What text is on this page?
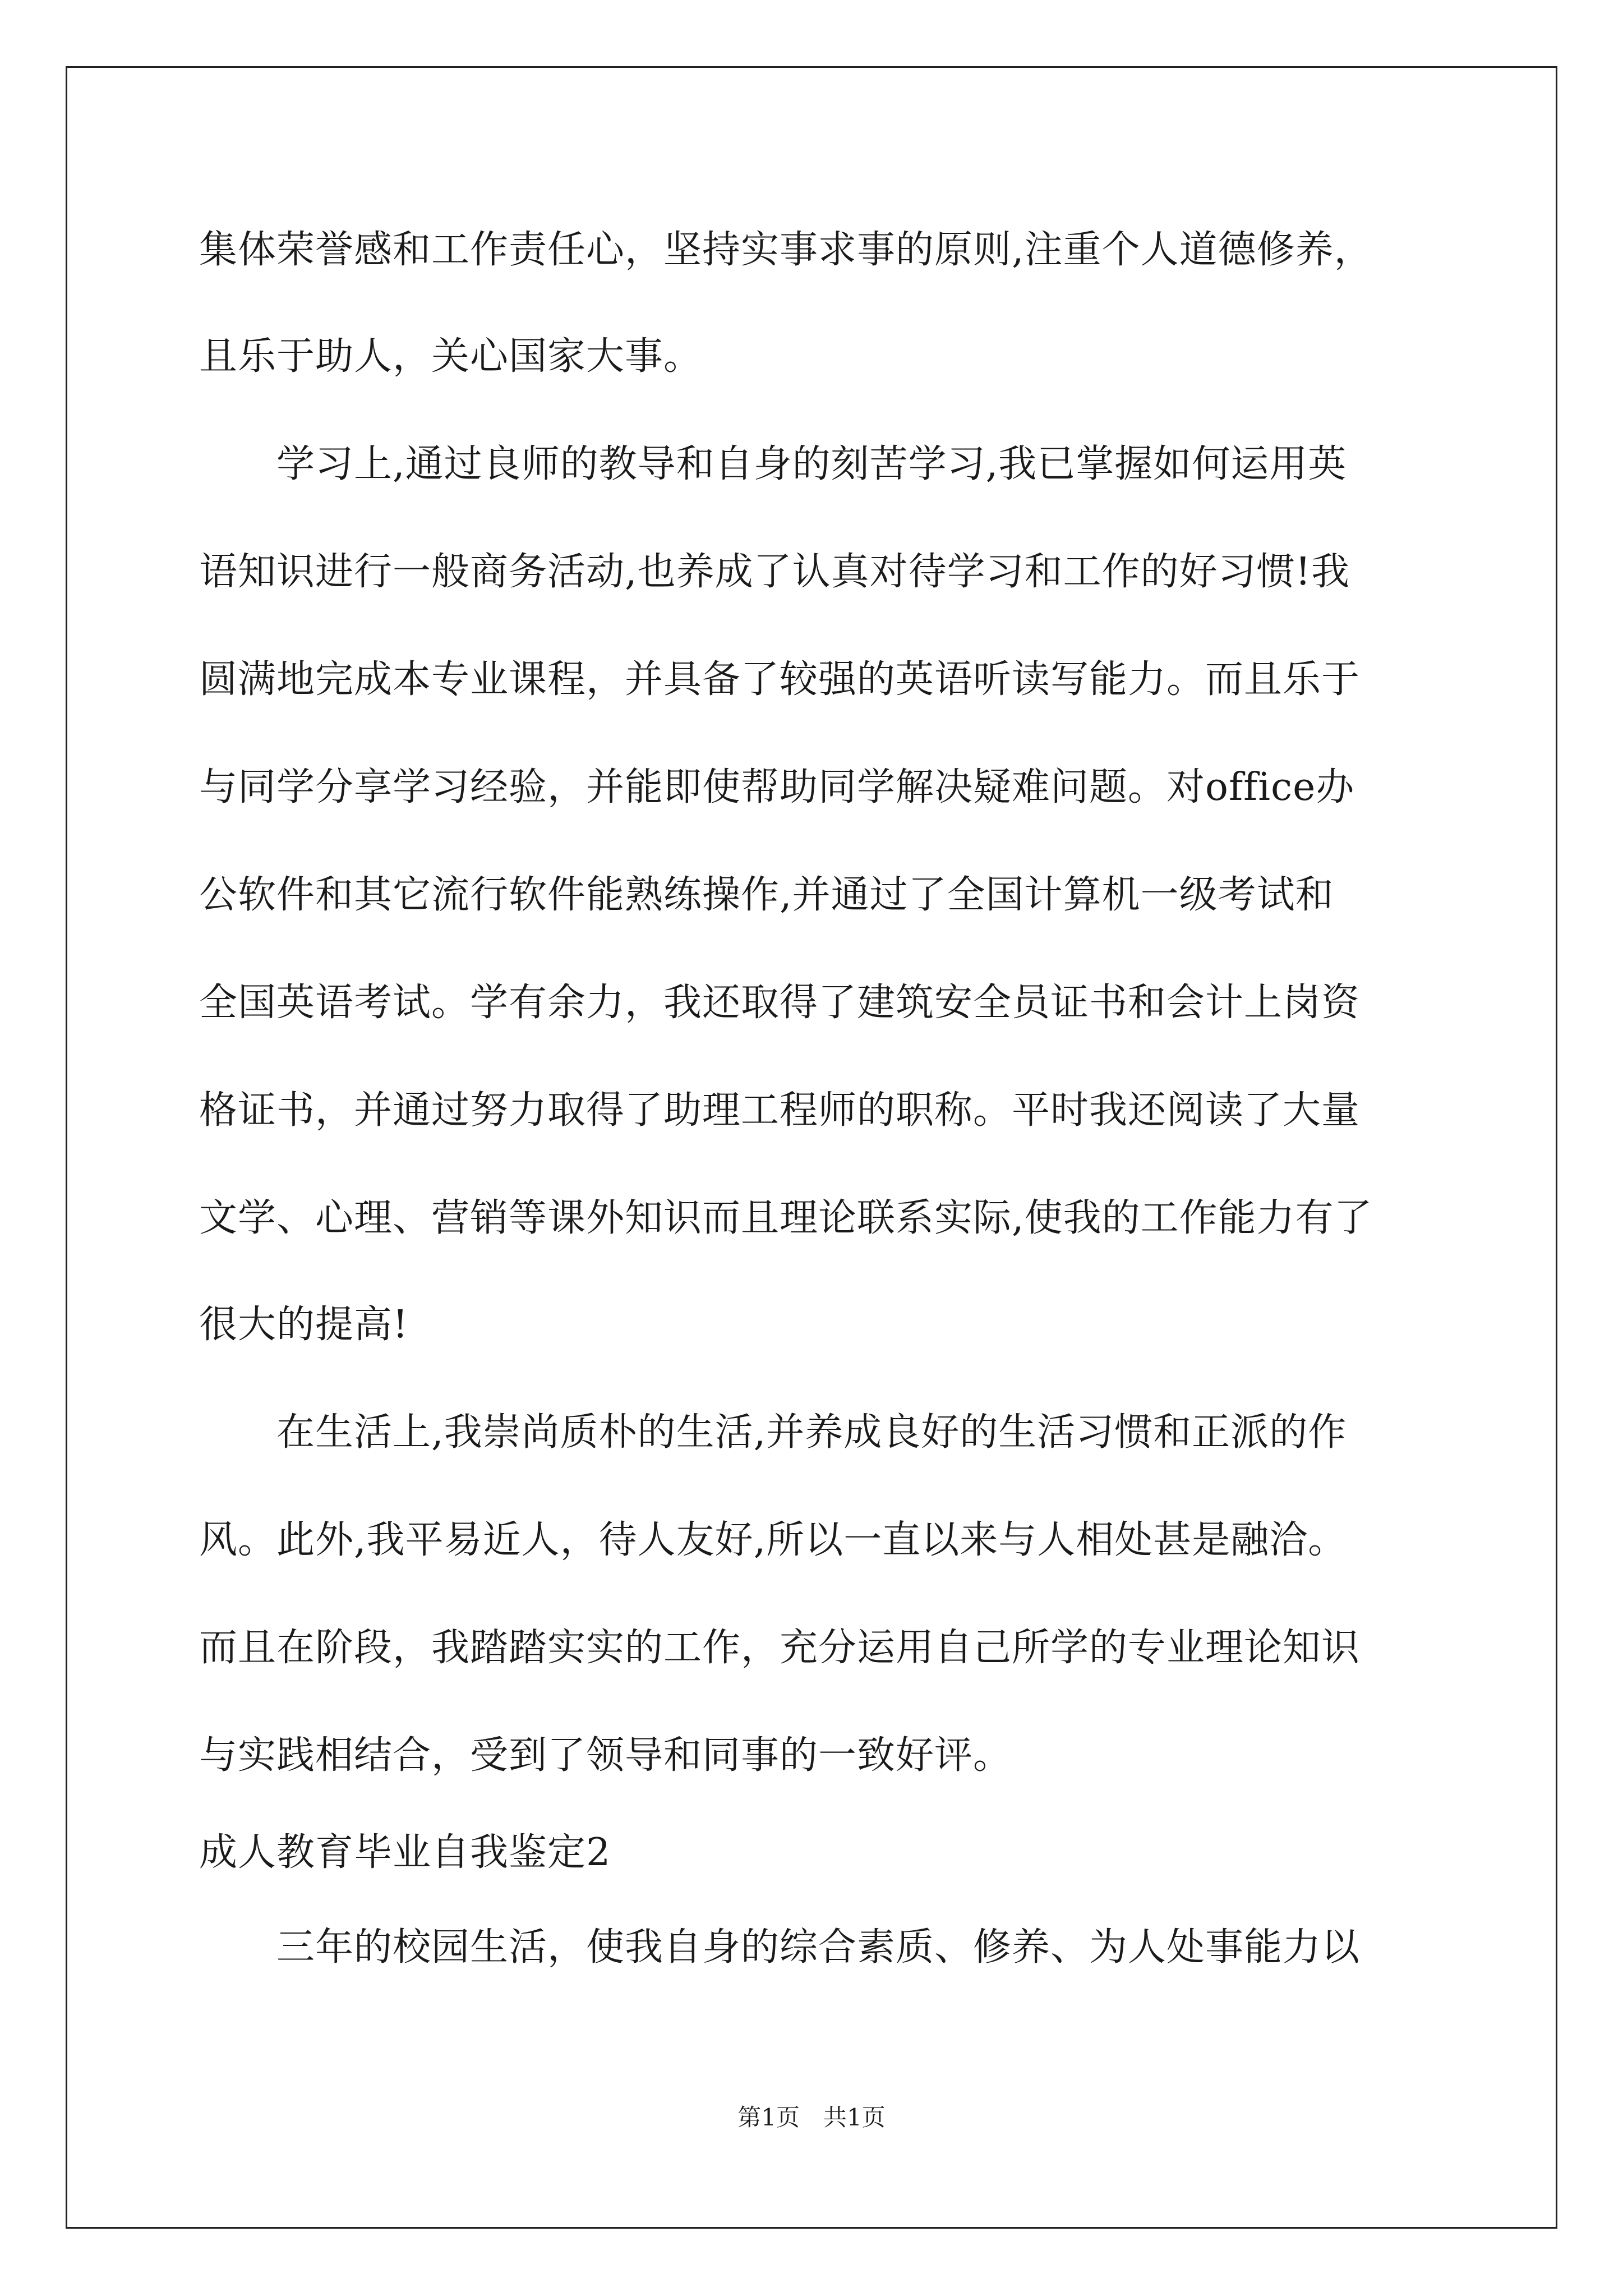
集体荣誉感和工作责任心，坚持实事求事的原则,注重个人道德修养，
且乐于助人，关心国家大事。
　　学习上,通过良师的教导和自身的刻苦学习,我已掌握如何运用英
语知识进行一般商务活动,也养成了认真对待学习和工作的好习惯!我
圆满地完成本专业课程，并具备了较强的英语听读写能力。而且乐于
与同学分享学习经验，并能即使帮助同学解决疑难问题。对office办
公软件和其它流行软件能熟练操作,并通过了全国计算机一级考试和
全国英语考试。学有余力，我还取得了建筑安全员证书和会计上岗资
格证书，并通过努力取得了助理工程师的职称。平时我还阅读了大量
文学、心理、营销等课外知识而且理论联系实际,使我的工作能力有了
很大的提高!
　　在生活上,我崇尚质朴的生活,并养成良好的生活习惯和正派的作
风。此外,我平易近人，待人友好,所以一直以来与人相处甚是融洽。
而且在阶段，我踏踏实实的工作，充分运用自己所学的专业理论知识
与实践相结合，受到了领导和同事的一致好评。
成人教育毕业自我鉴定2
　　三年的校园生活，使我自身的综合素质、修养、为人处事能力以
第1页　共1页
